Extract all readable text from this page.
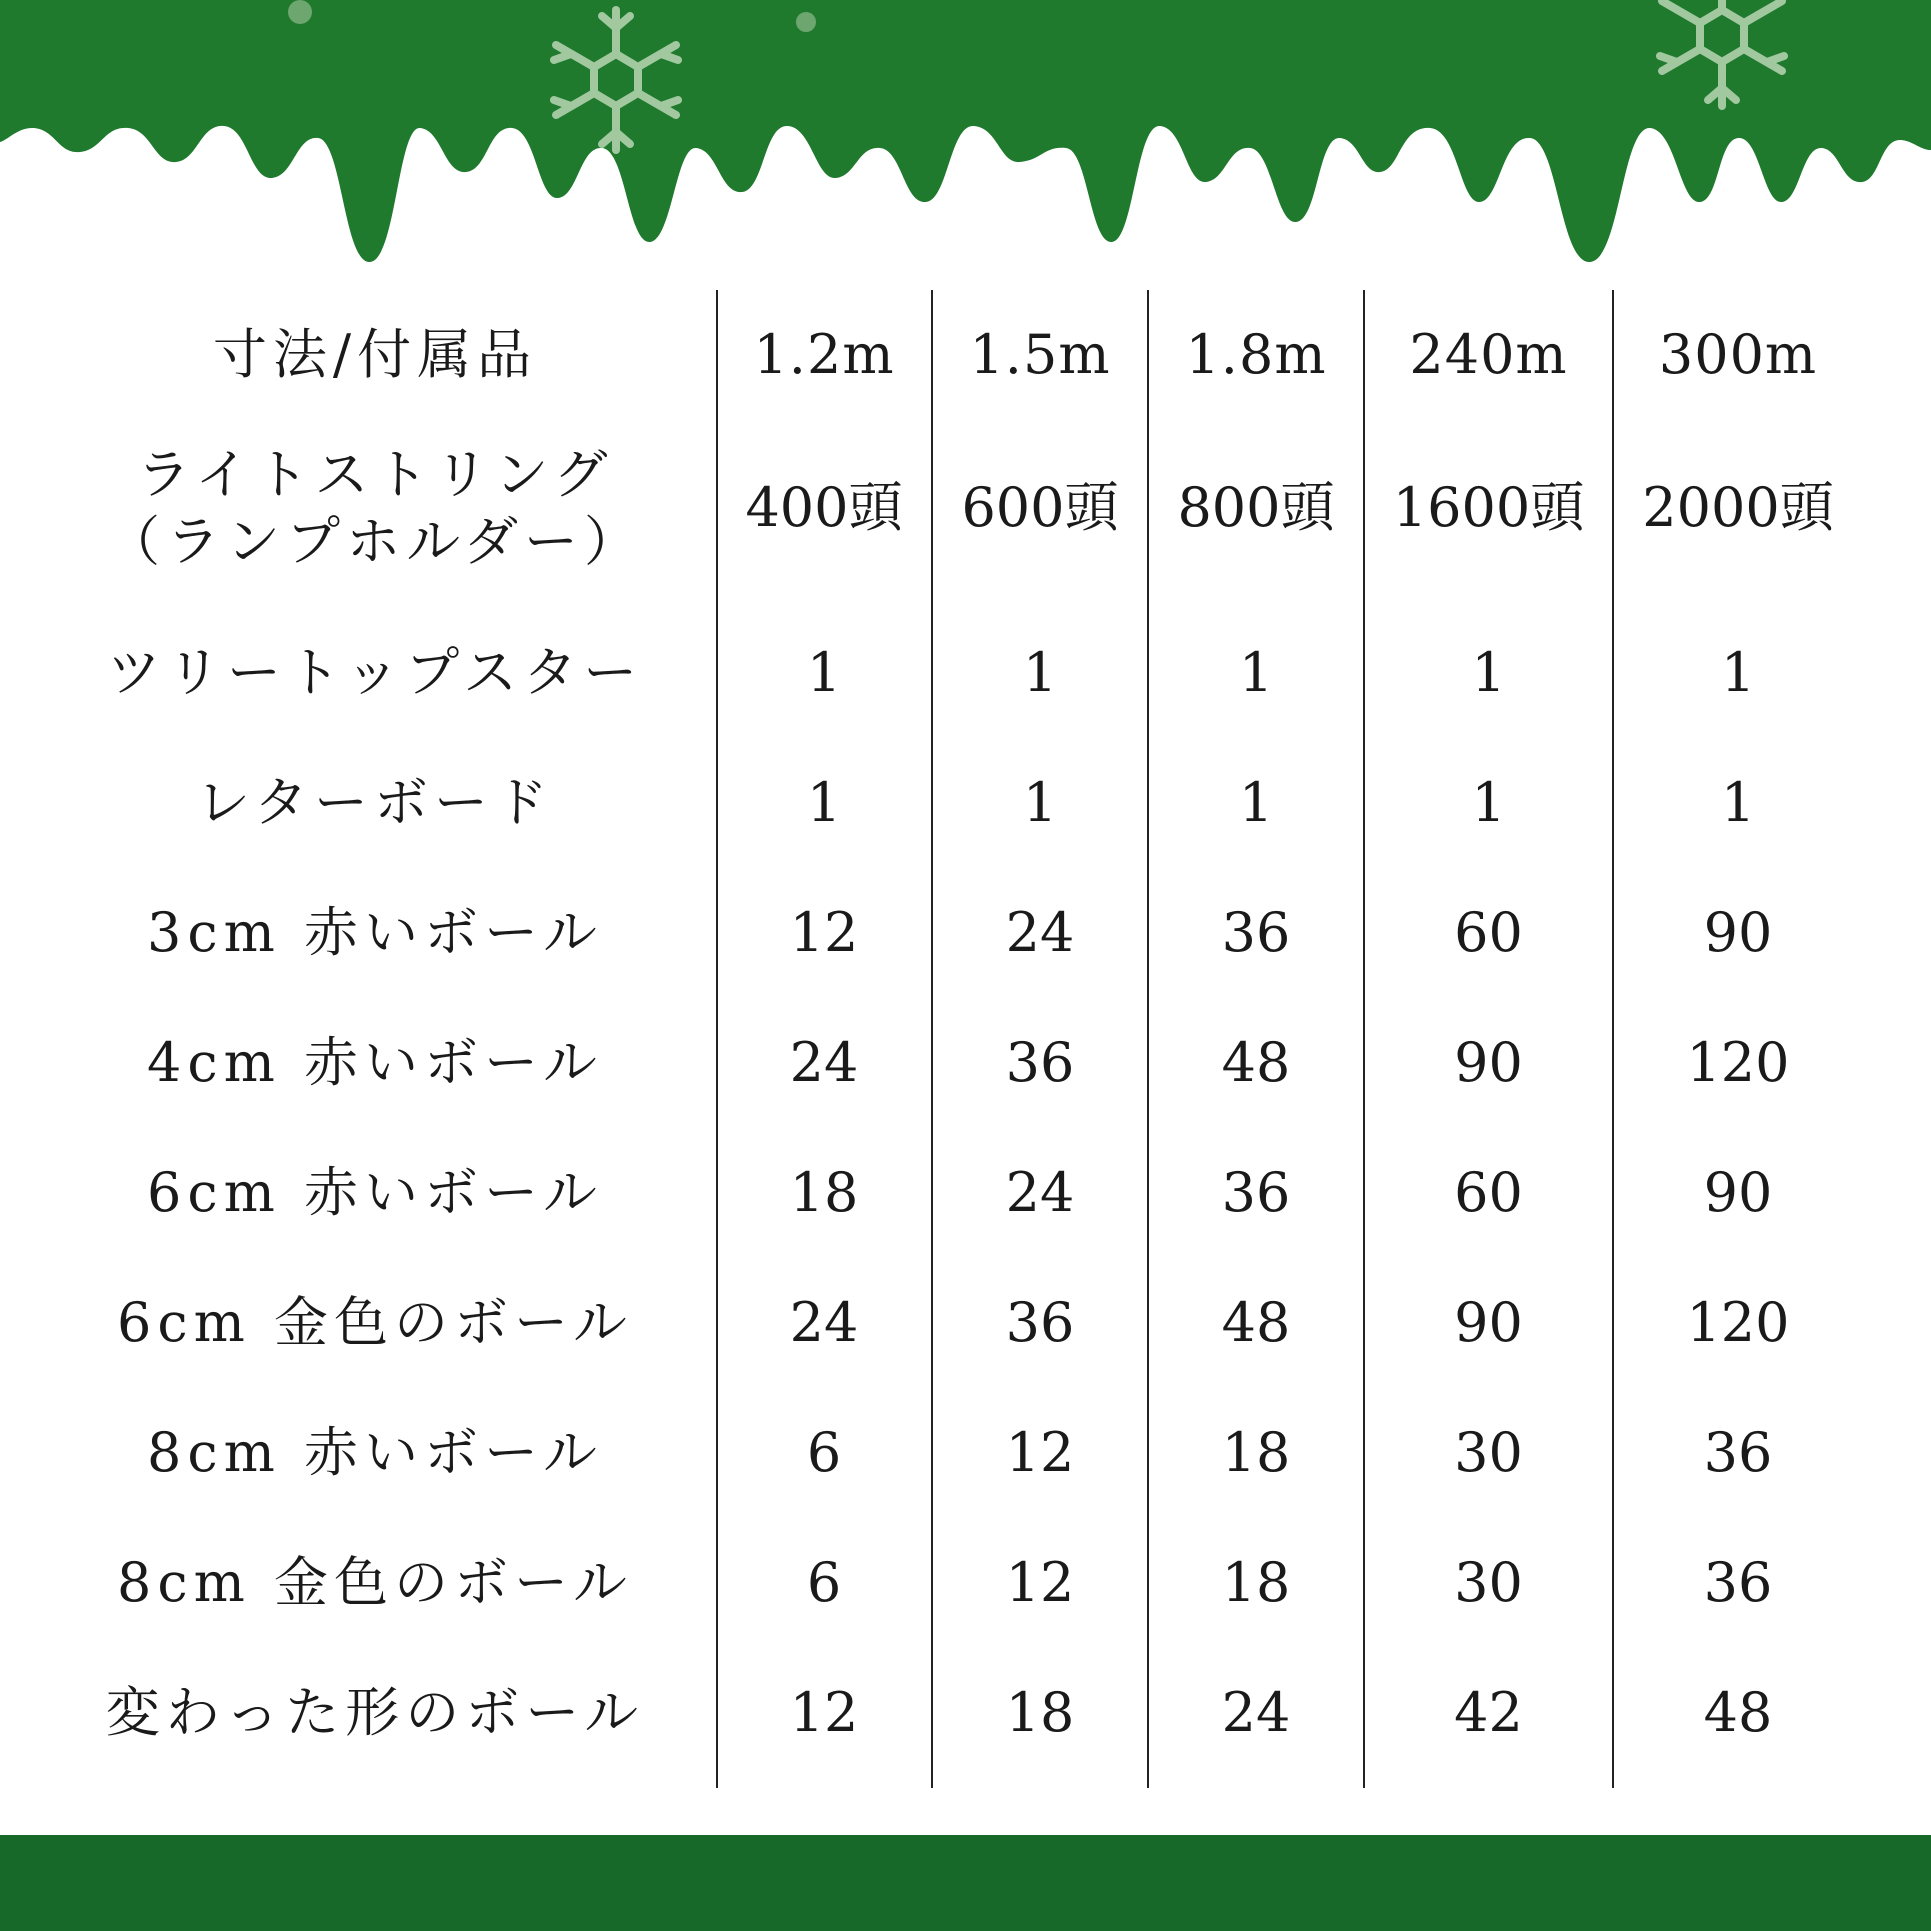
寸法/付属品	1.2m	1.5m	1.8m	240m	300m
ライトストリング
（ランプホルダー）
400頭	600頭	800頭	1600頭	2000頭
ツリートップスター	1	1	1	1	1
レターボード	1	1	1	1	1
3cm 赤いボール	12	24	36	60	90
4cm 赤いボール	24	36	48	90	120
6cm 赤いボール	18	24	36	60	90
6cm 金色のボール	24	36	48	90	120
8cm 赤いボール	6	12	18	30	36
8cm 金色のボール	6	12	18	30	36
変わった形のボール	12	18	24	42	48
